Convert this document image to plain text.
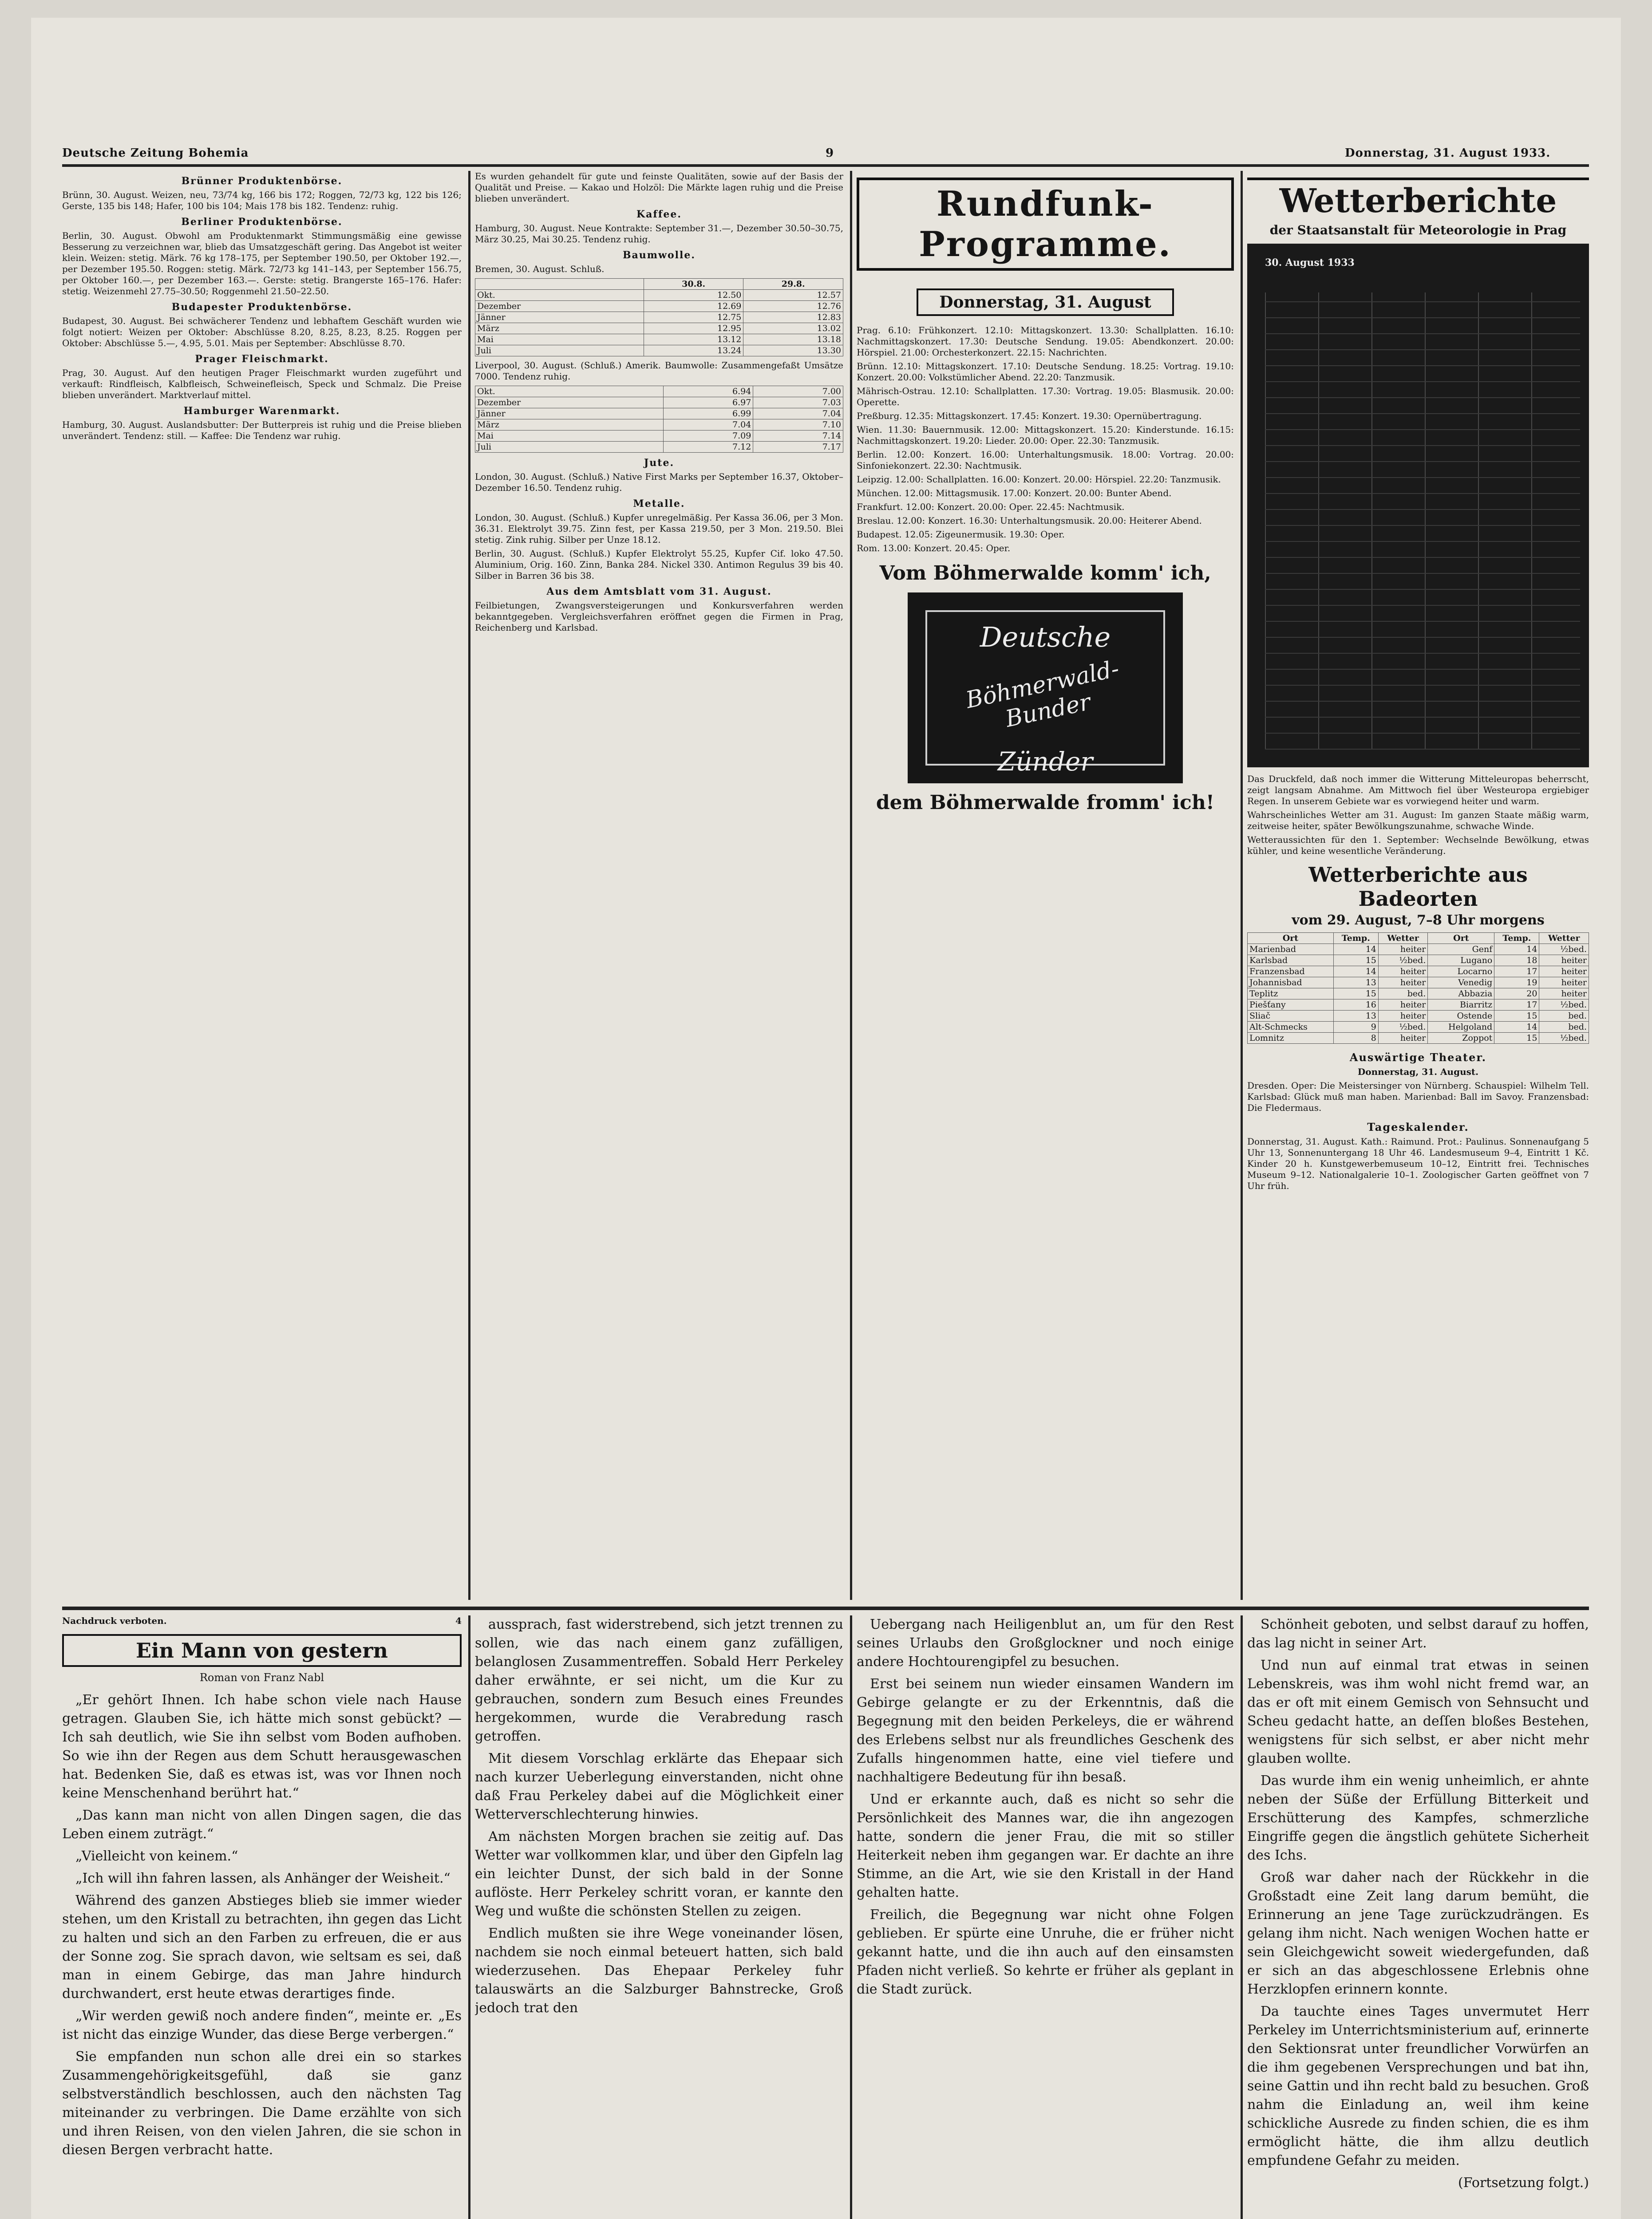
Deutsche Zeitung Bohemia	9	Donnerstag, 31. August 1933.
Brünner Produktenbörse.

Brünn, 30. August. Weizen, neu, 73/74 kg, 166 bis 172; Roggen, 72/73 kg, 122 bis 126; Gerste, 135 bis 148; Hafer, 100 bis 104; Mais 178 bis 182. Tendenz: ruhig.

Berliner Produktenbörse.

Berlin, 30. August. Obwohl am Produktenmarkt Stimmungsmäßig eine gewisse Besserung zu verzeichnen war, blieb das Umsatzgeschäft gering. Das Angebot ist weiter klein. Weizen: stetig. Märk. 76 kg 178–175, per September 190.50, per Oktober 192.—, per Dezember 195.50. Roggen: stetig. Märk. 72/73 kg 141–143, per September 156.75, per Oktober 160.—, per Dezember 163.—. Gerste: stetig. Brangerste 165–176. Hafer: stetig. Weizenmehl 27.75–30.50; Roggenmehl 21.50–22.50.

Budapester Produktenbörse.

Budapest, 30. August. Bei schwächerer Tendenz und lebhaftem Geschäft wurden wie folgt notiert: Weizen per Oktober: Abschlüsse 8.20, 8.25, 8.23, 8.25. Roggen per Oktober: Abschlüsse 5.—, 4.95, 5.01. Mais per September: Abschlüsse 8.70.

Prager Fleischmarkt.

Prag, 30. August. Auf den heutigen Prager Fleischmarkt wurden zugeführt und verkauft: Rindfleisch, Kalbfleisch, Schweinefleisch, Speck und Schmalz. Die Preise blieben unverändert. Marktverlauf mittel.

Hamburger Warenmarkt.

Hamburg, 30. August. Auslandsbutter: Der Butterpreis ist ruhig und die Preise blieben unverändert. Tendenz: still. — Kaffee: Die Tendenz war ruhig.

Es wurden gehandelt für gute und feinste Qualitäten, sowie auf der Basis der Qualität und Preise. — Kakao und Holzöl: Die Märkte lagen ruhig und die Preise blieben unverändert.

Kaffee.

Hamburg, 30. August. Neue Kontrakte: September 31.—, Dezember 30.50–30.75, März 30.25, Mai 30.25. Tendenz ruhig.

Baumwolle.

Bremen, 30. August. Schluß.

	30.8.	29.8.
Okt.	12.50	12.57
Dezember	12.69	12.76
Jänner	12.75	12.83
März	12.95	13.02
Mai	13.12	13.18
Juli	13.24	13.30

Liverpool, 30. August. (Schluß.) Amerik. Baumwolle: Zusammengefaßt Umsätze 7000. Tendenz ruhig.

Okt.	6.94	7.00
Dezember	6.97	7.03
Jänner	6.99	7.04
März	7.04	7.10
Mai	7.09	7.14
Juli	7.12	7.17
Jute.

London, 30. August. (Schluß.) Native First Marks per September 16.37, Oktober–Dezember 16.50. Tendenz ruhig.

Metalle.

London, 30. August. (Schluß.) Kupfer unregelmäßig. Per Kassa 36.06, per 3 Mon. 36.31. Elektrolyt 39.75. Zinn fest, per Kassa 219.50, per 3 Mon. 219.50. Blei stetig. Zink ruhig. Silber per Unze 18.12.

Berlin, 30. August. (Schluß.) Kupfer Elektrolyt 55.25, Kupfer Cif. loko 47.50. Aluminium, Orig. 160. Zinn, Banka 284. Nickel 330. Antimon Regulus 39 bis 40. Silber in Barren 36 bis 38.

Aus dem Amtsblatt vom 31. August.

Feilbietungen, Zwangsversteigerungen und Konkursverfahren werden bekanntgegeben. Vergleichsverfahren eröffnet gegen die Firmen in Prag, Reichenberg und Karlsbad.

Rundfunk-Programme.
Donnerstag, 31. August

Prag. 6.10: Frühkonzert. 12.10: Mittagskonzert. 13.30: Schallplatten. 16.10: Nachmittagskonzert. 17.30: Deutsche Sendung. 19.05: Abendkonzert. 20.00: Hörspiel. 21.00: Orchesterkonzert. 22.15: Nachrichten.

Brünn. 12.10: Mittagskonzert. 17.10: Deutsche Sendung. 18.25: Vortrag. 19.10: Konzert. 20.00: Volkstümlicher Abend. 22.20: Tanzmusik.

Mährisch-Ostrau. 12.10: Schallplatten. 17.30: Vortrag. 19.05: Blasmusik. 20.00: Operette.

Preßburg. 12.35: Mittagskonzert. 17.45: Konzert. 19.30: Opernübertragung.

Wien. 11.30: Bauernmusik. 12.00: Mittagskonzert. 15.20: Kinderstunde. 16.15: Nachmittagskonzert. 19.20: Lieder. 20.00: Oper. 22.30: Tanzmusik.

Berlin. 12.00: Konzert. 16.00: Unterhaltungsmusik. 18.00: Vortrag. 20.00: Sinfoniekonzert. 22.30: Nachtmusik.

Leipzig. 12.00: Schallplatten. 16.00: Konzert. 20.00: Hörspiel. 22.20: Tanzmusik.

München. 12.00: Mittagsmusik. 17.00: Konzert. 20.00: Bunter Abend.

Frankfurt. 12.00: Konzert. 20.00: Oper. 22.45: Nachtmusik.

Breslau. 12.00: Konzert. 16.30: Unterhaltungsmusik. 20.00: Heiterer Abend.

Budapest. 12.05: Zigeunermusik. 19.30: Oper.

Rom. 13.00: Konzert. 20.45: Oper.

Vom Böhmerwalde komm' ich,
Deutsche
Böhmerwald-Bunder
Zünder
dem Böhmerwalde fromm' ich!
Wetterberichte
der Staatsanstalt für Meteorologie in Prag
30. August 1933

Das Druckfeld, daß noch immer die Witterung Mitteleuropas beherrscht, zeigt langsam Abnahme. Am Mittwoch fiel über Westeuropa ergiebiger Regen. In unserem Gebiete war es vorwiegend heiter und warm.

Wahrscheinliches Wetter am 31. August: Im ganzen Staate mäßig warm, zeitweise heiter, später Bewölkungszunahme, schwache Winde.

Wetteraussichten für den 1. September: Wechselnde Bewölkung, etwas kühler, und keine wesentliche Veränderung.

Wetterberichte aus Badeorten
vom 29. August, 7–8 Uhr morgens
Ort	Temp.	Wetter	Ort	Temp.	Wetter
Marienbad	14	heiter	Genf	14	½bed.
Karlsbad	15	½bed.	Lugano	18	heiter
Franzensbad	14	heiter	Locarno	17	heiter
Johannisbad	13	heiter	Venedig	19	heiter
Teplitz	15	bed.	Abbazia	20	heiter
Piešťany	16	heiter	Biarritz	17	½bed.
Sliač	13	heiter	Ostende	15	bed.
Alt-Schmecks	9	½bed.	Helgoland	14	bed.
Lomnitz	8	heiter	Zoppot	15	½bed.
Auswärtige Theater.

Donnerstag, 31. August.

Dresden. Oper: Die Meistersinger von Nürnberg. Schauspiel: Wilhelm Tell. Karlsbad: Glück muß man haben. Marienbad: Ball im Savoy. Franzensbad: Die Fledermaus.

Tageskalender.

Donnerstag, 31. August. Kath.: Raimund. Prot.: Paulinus. Sonnenaufgang 5 Uhr 13, Sonnenuntergang 18 Uhr 46. Landesmuseum 9–4, Eintritt 1 Kč. Kinder 20 h. Kunstgewerbemuseum 10–12, Eintritt frei. Technisches Museum 9–12. Nationalgalerie 10–1. Zoologischer Garten geöffnet von 7 Uhr früh.

Nachdruck verboten.	4
Ein Mann von gestern
Roman von Franz Nabl

„Er gehört Ihnen. Ich habe schon viele nach Hause getragen. Glauben Sie, ich hätte mich sonst gebückt? — Ich sah deutlich, wie Sie ihn selbst vom Boden aufhoben. So wie ihn der Regen aus dem Schutt herausgewaschen hat. Bedenken Sie, daß es etwas ist, was vor Ihnen noch keine Menschenhand berührt hat.“

„Das kann man nicht von allen Dingen sagen, die das Leben einem zuträgt.“

„Vielleicht von keinem.“

„Ich will ihn fahren lassen, als Anhänger der Weisheit.“

Während des ganzen Abstieges blieb sie immer wieder stehen, um den Kristall zu betrachten, ihn gegen das Licht zu halten und sich an den Farben zu erfreuen, die er aus der Sonne zog. Sie sprach davon, wie seltsam es sei, daß man in einem Gebirge, das man Jahre hindurch durchwandert, erst heute etwas derartiges finde.

„Wir werden gewiß noch andere finden“, meinte er. „Es ist nicht das einzige Wunder, das diese Berge verbergen.“

Sie empfanden nun schon alle drei ein so starkes Zusammengehörigkeitsgefühl, daß sie ganz selbstverständlich beschlossen, auch den nächsten Tag miteinander zu verbringen. Die Dame erzählte von sich und ihren Reisen, von den vielen Jahren, die sie schon in diesen Bergen verbracht hatte.

aussprach, fast widerstrebend, sich jetzt trennen zu sollen, wie das nach einem ganz zufälligen, belanglosen Zusammentreffen. Sobald Herr Perkeley daher erwähnte, er sei nicht, um die Kur zu gebrauchen, sondern zum Besuch eines Freundes hergekommen, wurde die Verabredung rasch getroffen.

Mit diesem Vorschlag erklärte das Ehepaar sich nach kurzer Ueberlegung einverstanden, nicht ohne daß Frau Perkeley dabei auf die Möglichkeit einer Wetterverschlechterung hinwies.

Am nächsten Morgen brachen sie zeitig auf. Das Wetter war vollkommen klar, und über den Gipfeln lag ein leichter Dunst, der sich bald in der Sonne auflöste. Herr Perkeley schritt voran, er kannte den Weg und wußte die schönsten Stellen zu zeigen.

Endlich mußten sie ihre Wege voneinander lösen, nachdem sie noch einmal beteuert hatten, sich bald wiederzusehen. Das Ehepaar Perkeley fuhr talauswärts an die Salzburger Bahnstrecke, Groß jedoch trat den

Uebergang nach Heiligenblut an, um für den Rest seines Urlaubs den Großglockner und noch einige andere Hochtourengipfel zu besuchen.

Erst bei seinem nun wieder einsamen Wandern im Gebirge gelangte er zu der Erkenntnis, daß die Begegnung mit den beiden Perkeleys, die er während des Erlebens selbst nur als freundliches Geschenk des Zufalls hingenommen hatte, eine viel tiefere und nachhaltigere Bedeutung für ihn besaß.

Und er erkannte auch, daß es nicht so sehr die Persönlichkeit des Mannes war, die ihn angezogen hatte, sondern die jener Frau, die mit so stiller Heiterkeit neben ihm gegangen war. Er dachte an ihre Stimme, an die Art, wie sie den Kristall in der Hand gehalten hatte.

Freilich, die Begegnung war nicht ohne Folgen geblieben. Er spürte eine Unruhe, die er früher nicht gekannt hatte, und die ihn auch auf den einsamsten Pfaden nicht verließ. So kehrte er früher als geplant in die Stadt zurück.

Schönheit geboten, und selbst darauf zu hoffen, das lag nicht in seiner Art.

Und nun auf einmal trat etwas in seinen Lebenskreis, was ihm wohl nicht fremd war, an das er oft mit einem Gemisch von Sehnsucht und Scheu gedacht hatte, an deſſen bloßes Bestehen, wenigstens für sich selbst, er aber nicht mehr glauben wollte.

Das wurde ihm ein wenig unheimlich, er ahnte neben der Süße der Erfüllung Bitterkeit und Erschütterung des Kampfes, schmerzliche Eingriffe gegen die ängstlich gehütete Sicherheit des Ichs.

Groß war daher nach der Rückkehr in die Großstadt eine Zeit lang darum bemüht, die Erinnerung an jene Tage zurückzudrängen. Es gelang ihm nicht. Nach wenigen Wochen hatte er sein Gleichgewicht soweit wiedergefunden, daß er sich an das abgeschlossene Erlebnis ohne Herzklopfen erinnern konnte.

Da tauchte eines Tages unvermutet Herr Perkeley im Unterrichtsministerium auf, erinnerte den Sektionsrat unter freundlicher Vorwürfen an die ihm gegebenen Versprechungen und bat ihn, seine Gattin und ihn recht bald zu besuchen. Groß nahm die Einladung an, weil ihm keine schickliche Ausrede zu finden schien, die es ihm ermöglicht hätte, die ihm allzu deutlich empfundene Gefahr zu meiden.

(Fortsetzung folgt.)
